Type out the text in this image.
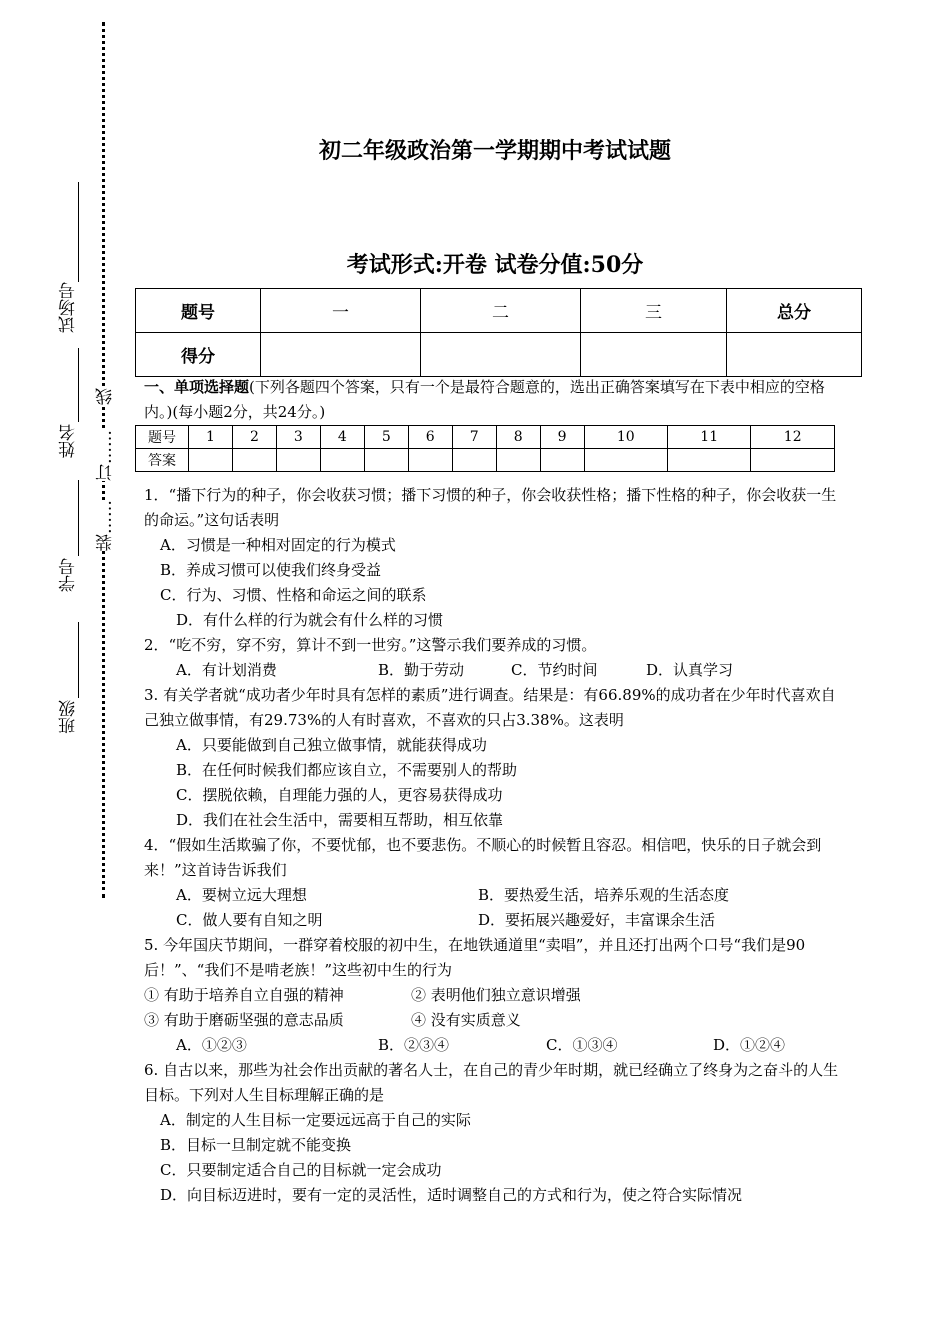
试场号
姓名
学号
班级
线
订……
装……
初二年级政治第一学期期中考试试题
考试形式:开卷 试卷分值:50分
题号	一	二	三	总分
得分				

一、单项选择题(下列各题四个答案，只有一个是最符合题意的，选出正确答案填写在下表中相应的空格内。)(每小题2分，共24分。)

1．“播下行为的种子，你会收获习惯；播下习惯的种子，你会收获性格；播下性格的种子，你会收获一生的命运。”这句话表明

A．习惯是一种相对固定的行为模式

B．养成习惯可以使我们终身受益

C．行为、习惯、性格和命运之间的联系

D．有什么样的行为就会有什么样的习惯

2．“吃不穷，穿不穷，算计不到一世穷。”这警示我们要养成的习惯。

A．有计划消费	B．勤于劳动	C．节约时间	D．认真学习

3. 有关学者就“成功者少年时具有怎样的素质”进行调查。结果是：有66.89%的成功者在少年时代喜欢自己独立做事情，有29.73%的人有时喜欢，不喜欢的只占3.38%。这表明

A．只要能做到自己独立做事情，就能获得成功

B．在任何时候我们都应该自立，不需要别人的帮助

C．摆脱依赖，自理能力强的人，更容易获得成功

D．我们在社会生活中，需要相互帮助，相互依靠

4．“假如生活欺骗了你，不要忧郁，也不要悲伤。不顺心的时候暂且容忍。相信吧，快乐的日子就会到来！”这首诗告诉我们

A．要树立远大理想	B．要热爱生活，培养乐观的生活态度
C．做人要有自知之明	D．要拓展兴趣爱好，丰富课余生活

5. 今年国庆节期间，一群穿着校服的初中生，在地铁通道里“卖唱”，并且还打出两个口号“我们是90后！”、“我们不是啃老族！”这些初中生的行为

① 有助于培养自立自强的精神	② 表明他们独立意识增强
③ 有助于磨砺坚强的意志品质	④ 没有实质意义
A．①②③	B．②③④	C．①③④	D．①②④

6. 自古以来，那些为社会作出贡献的著名人士，在自己的青少年时期，就已经确立了终身为之奋斗的人生目标。下列对人生目标理解正确的是

A．制定的人生目标一定要远远高于自己的实际

B．目标一旦制定就不能变换

C．只要制定适合自己的目标就一定会成功

D．向目标迈进时，要有一定的灵活性，适时调整自己的方式和行为，使之符合实际情况

题号	1	2	3	4	5	6	7	8	9	10	11	12
答案												
